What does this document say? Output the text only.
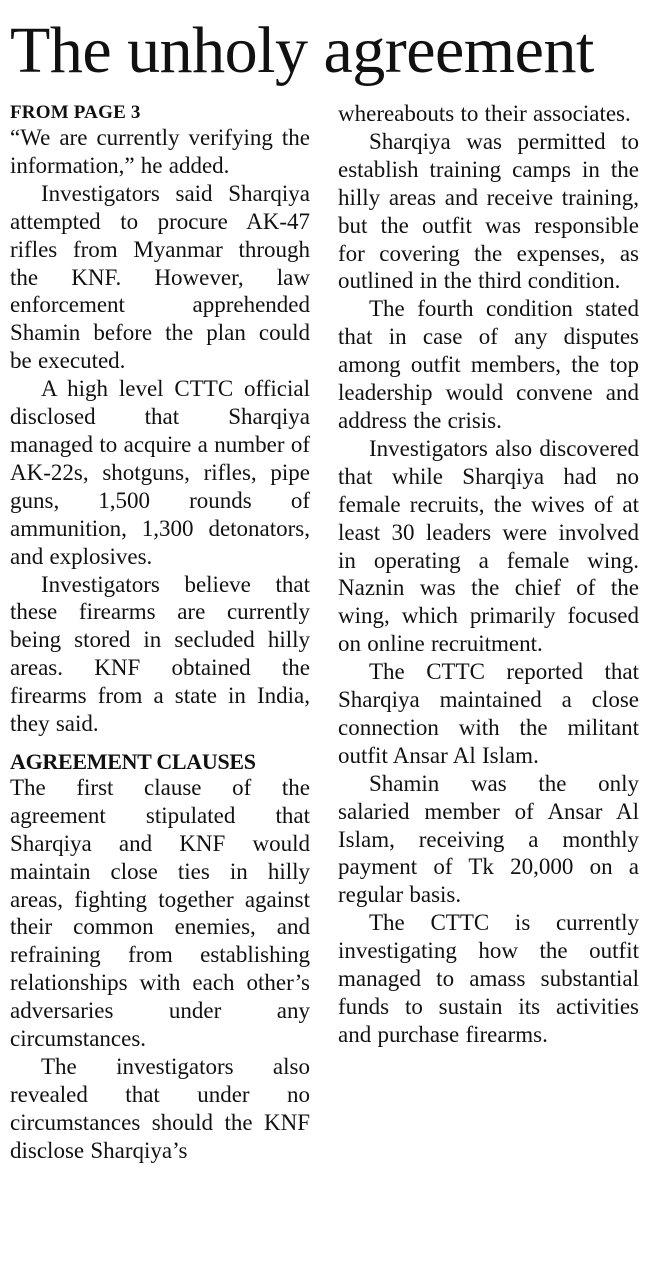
The unholy agreement
FROM PAGE 3

“We are currently verifying the information,” he added.

Investigators said Sharqiya attempted to procure AK-47 rifles from Myanmar through the KNF. However, law enforcement apprehended Shamin before the plan could be executed.

A high level CTTC official disclosed that Sharqiya managed to acquire a number of AK-22s, shotguns, rifles, pipe guns, 1,500 rounds of ammunition, 1,300 detonators, and explosives.

Investigators believe that these firearms are currently being stored in secluded hilly areas. KNF obtained the firearms from a state in India, they said.

AGREEMENT CLAUSES

The first clause of the agreement stipulated that Sharqiya and KNF would maintain close ties in hilly areas, fighting together against their common enemies, and refraining from establishing relationships with each other’s adversaries under any circumstances.

The investigators also revealed that under no circumstances should the KNF disclose Sharqiya’s

whereabouts to their associates.

Sharqiya was permitted to establish training camps in the hilly areas and receive training, but the outfit was responsible for covering the expenses, as outlined in the third condition.

The fourth condition stated that in case of any disputes among outfit members, the top leadership would convene and address the crisis.

Investigators also discovered that while Sharqiya had no female recruits, the wives of at least 30 leaders were involved in operating a female wing. Naznin was the chief of the wing, which primarily focused on online recruitment.

The CTTC reported that Sharqiya maintained a close connection with the militant outfit Ansar Al Islam.

Shamin was the only salaried member of Ansar Al Islam, receiving a monthly payment of Tk 20,000 on a regular basis.

The CTTC is currently investigating how the outfit managed to amass substantial funds to sustain its activities and purchase firearms.
